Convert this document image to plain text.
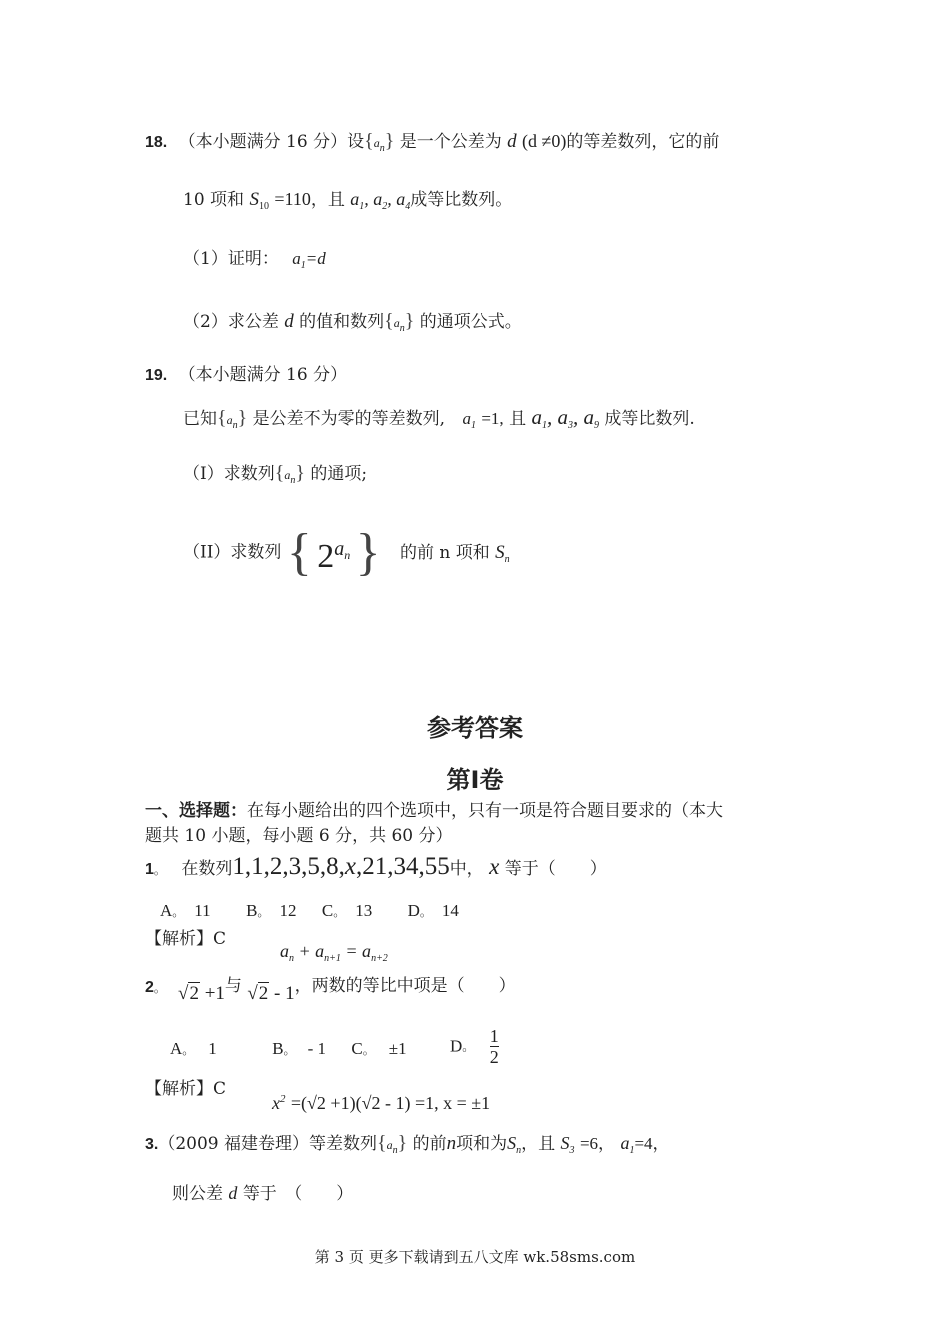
18. （本小题满分 16 分）设$\{a_n\}$ 是一个公差为 d (d ≠0)的等差数列，它的前
10 项和 $S_{10} =110$，且 $a_1$, $a_2$, $a_4$成等比数列。
（1）证明： $a_1=d$
（2）求公差 d 的值和数列$\{a_n\}$ 的通项公式。
19. （本小题满分 16 分）
已知$\{a_n\}$ 是公差不为零的等差数列, $a_1 =1$, 且 $a_1$, $a_3$, $a_9$ 成等比数列.
（I）求数列$\{a_n\}$ 的通项;
（II）求数列 { $2^{a_n}$ } 的前 n 项和 $S_n$
参考答案
第Ⅰ卷
一、选择题：在每小题给出的四个选项中，只有一项是符合题目要求的（本大
题共 10 小题，每小题 6 分，共 60 分）
1。 在数列1,1,2,3,5,8,x,21,34,55中， x 等于（　　）
A。 11 B。 12 C。 13 D。 14
【解析】C
$a_n + a_{n+1} = a_{n+2}$
2。 √2 +1与 √2 - 1，两数的等比中项是（　　）
A。 1	B。 - 1 C。 ±1	D。 $\frac{1}{2}$
【解析】C
$x^2 =(√2 +1)(√2 - 1) =1$, x = ±1
3.（2009 福建卷理）等差数列$\{a_n\}$ 的前n项和为$S_n$，且 $S_3 =6$， $a_1=4$，
则公差 d 等于　（　　）
第 3 页 更多下载请到五八文库 wk.58sms.com
